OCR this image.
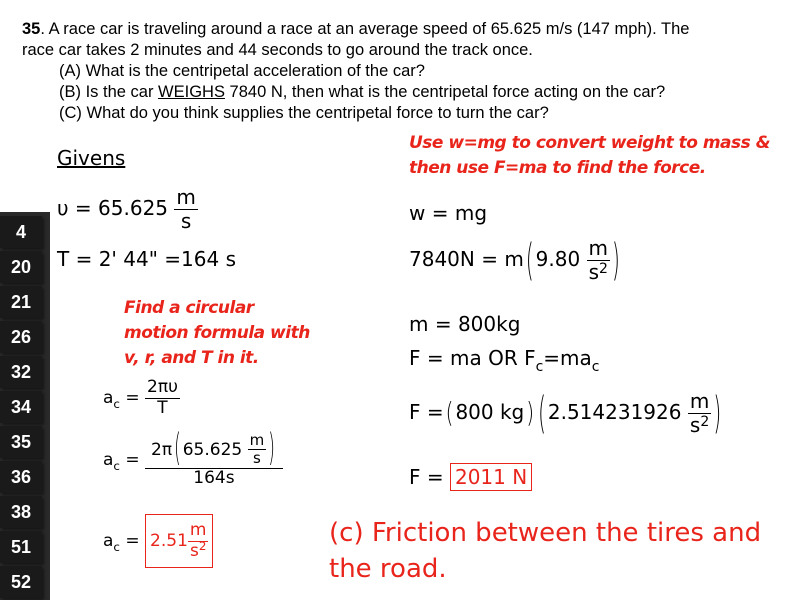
35. A race car is traveling around a race at an average speed of 65.625 m/s (147 mph). The
race car takes 2 minutes and 44 seconds to go around the track once.
(A) What is the centripetal acceleration of the car?
(B) Is the car WEIGHS 7840 N, then what is the centripetal force acting on the car?
(C) What do you think supplies the centripetal force to turn the car?
Givens
$\upsilon = 65.625 \frac{m}{s}$
T = 2' 44" =164 s
Find a circular
motion formula with
v, r, and T in it.
Use w=mg to convert weight to mass &
then use F=ma to find the force.
$a_c = \frac{2\pi\upsilon}{T}$
$a_c = \frac{2\pi ( 65.625 \frac{m}{s} )}{164s}$
$a_c = 2.51 \frac{m}{s^2}$
w = mg
7840N = m ( $9.80 \frac{m}{s^2}$ )
m = 800kg
F = ma OR $F_c=ma_c$
F = ( 800 kg ) ( $2.514231926 \frac{m}{s^2}$ )
F = 2011 N
(c) Friction between the tires and
the road.
4
20
21
26
32
34
35
36
38
51
52
